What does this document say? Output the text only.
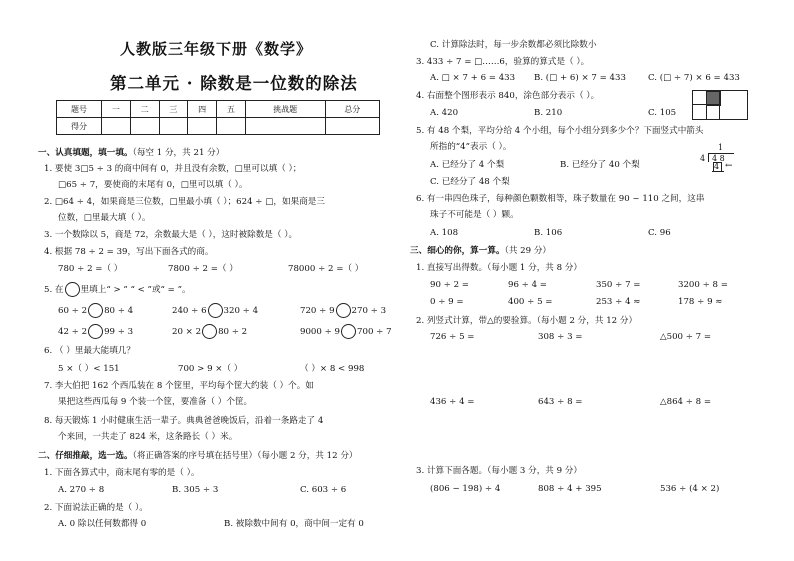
人教版三年级下册《数学》
第二单元 · 除数是一位数的除法
题号	一	二	三	四	五	挑战题	总分
得分							
一、认真填题，填一填。（每空 1 分，共 21 分）
1. 要使 3□5 ÷ 3 的商中间有 0，并且没有余数，□里可以填（ ）；
□65 ÷ 7，要使商的末尾有 0，□里可以填（ ）。
2. □64 ÷ 4，如果商是三位数，□里最小填（ ）；624 ÷ □，如果商是三
位数，□里最大填（ ）。
3. 一个数除以 5，商是 72，余数最大是（ ），这时被除数是（ ）。
4. 根据 78 ÷ 2 = 39，写出下面各式的商。
780 ÷ 2 =（ ）	7800 ÷ 2 =（ ）	78000 ÷ 2 =（ ）
5. 在 里填上“ > ” “ < ”或“ = ”。
60 ÷ 2 80 ÷ 4	240 ÷ 6 320 ÷ 4	720 ÷ 9 270 ÷ 3
42 ÷ 2 99 ÷ 3	20 × 2 80 ÷ 2	9000 ÷ 9 700 ÷ 7
6. （ ）里最大能填几？
5 ×（ ）< 151	700 > 9 ×（ ）	（ ）× 8 < 998
7. 李大伯把 162 个西瓜装在 8 个筐里，平均每个筐大约装（ ）个。如
果把这些西瓜每 9 个装一个筐，要准备（ ）个筐。
8. 每天锻炼 1 小时健康生活一辈子。典典爸爸晚饭后，沿着一条路走了 4
个来回，一共走了 824 米，这条路长（ ）米。
二、仔细推敲，选一选。（将正确答案的序号填在括号里）（每小题 2 分，共 12 分）
1. 下面各算式中，商末尾有零的是（ ）。
A. 270 ÷ 8	B. 305 ÷ 3	C. 603 ÷ 6
2. 下面说法正确的是（ ）。
A. 0 除以任何数都得 0	B. 被除数中间有 0，商中间一定有 0
C. 计算除法时，每一步余数都必须比除数小
3. 433 ÷ 7 = □……6，验算的算式是（ ）。
A. □ × 7 + 6 = 433 B. (□ + 6) × 7 = 433	C. (□ ÷ 7) × 6 = 433
4. 右面整个图形表示 840，涂色部分表示（ ）。
A. 420	B. 210	C. 105
5. 有 48 个梨，平均分给 4 个小组，每个小组分到多少个？下面竖式中箭头
所指的“4”表示（ ）。
A. 已经分了 4 个梨	B. 已经分了 40 个梨
C. 已经分了 48 个梨
1
4 4 8
4 ←
6. 有一串四色珠子，每种颜色颗数相等，珠子数量在 90 ~ 110 之间，这串
珠子不可能是（ ）颗。
A. 108	B. 106	C. 96
三、细心的你，算一算。（共 29 分）
1. 直接写出得数。（每小题 1 分，共 8 分）
90 ÷ 2 =	96 ÷ 4 =	350 ÷ 7 =	3200 ÷ 8 =
0 ÷ 9 =	400 ÷ 5 =	253 ÷ 4 ≈	178 ÷ 9 ≈
2. 列竖式计算，带△的要验算。（每小题 2 分，共 12 分）
726 ÷ 5 =	308 ÷ 3 =	△500 ÷ 7 =
436 ÷ 4 =	643 ÷ 8 =	△864 ÷ 8 =
3. 计算下面各题。（每小题 3 分，共 9 分）
(806 − 198) ÷ 4	808 ÷ 4 + 395	536 ÷ (4 × 2)
